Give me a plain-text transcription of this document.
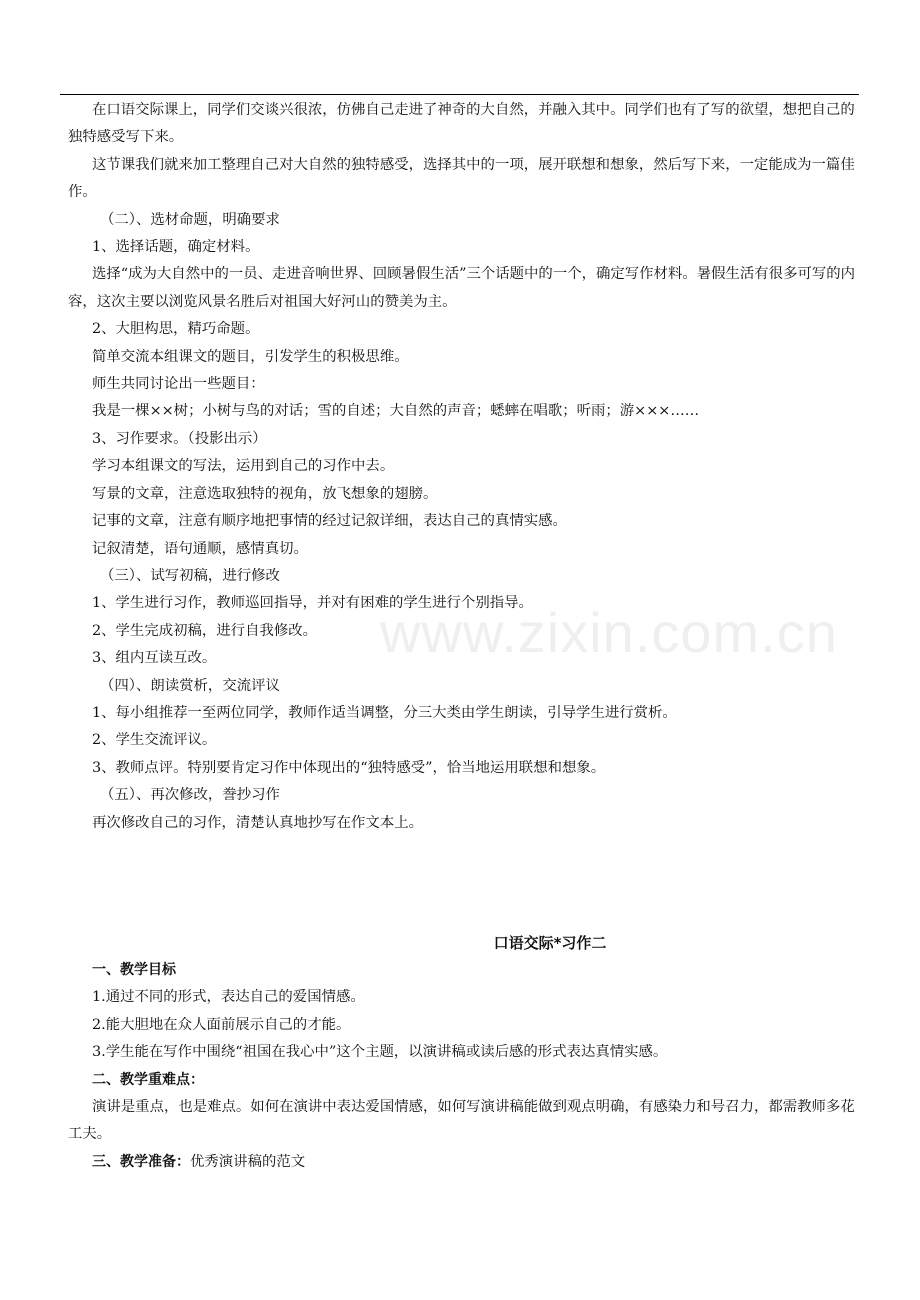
www.zixin.com.cn

在口语交际课上，同学们交谈兴很浓，仿佛自己走进了神奇的大自然，并融入其中。同学们也有了写的欲望，想把自己的独特感受写下来。

这节课我们就来加工整理自己对大自然的独特感受，选择其中的一项，展开联想和想象，然后写下来，一定能成为一篇佳作。

（二）、选材命题，明确要求

1、选择话题，确定材料。

选择“成为大自然中的一员、走进音响世界、回顾暑假生活”三个话题中的一个，确定写作材料。暑假生活有很多可写的内容，这次主要以浏览风景名胜后对祖国大好河山的赞美为主。

2、大胆构思，精巧命题。

简单交流本组课文的题目，引发学生的积极思维。

师生共同讨论出一些题目：

我是一棵××树；小树与鸟的对话；雪的自述；大自然的声音；蟋蟀在唱歌；听雨；游×××……

3、习作要求。（投影出示）

学习本组课文的写法，运用到自己的习作中去。

写景的文章，注意选取独特的视角，放飞想象的翅膀。

记事的文章，注意有顺序地把事情的经过记叙详细，表达自己的真情实感。

记叙清楚，语句通顺，感情真切。

（三）、试写初稿，进行修改

1、学生进行习作，教师巡回指导，并对有困难的学生进行个别指导。

2、学生完成初稿，进行自我修改。

3、组内互读互改。

（四）、朗读赏析，交流评议

1、每小组推荐一至两位同学，教师作适当调整，分三大类由学生朗读，引导学生进行赏析。

2、学生交流评议。

3、教师点评。特别要肯定习作中体现出的“独特感受”，恰当地运用联想和想象。

（五）、再次修改，誊抄习作

再次修改自己的习作，清楚认真地抄写在作文本上。

口语交际*习作二

一、教学目标

1.通过不同的形式，表达自己的爱国情感。

2.能大胆地在众人面前展示自己的才能。

3.学生能在写作中围绕“祖国在我心中”这个主题，以演讲稿或读后感的形式表达真情实感。

二、教学重难点：

演讲是重点，也是难点。如何在演讲中表达爱国情感，如何写演讲稿能做到观点明确，有感染力和号召力，都需教师多花工夫。

三、教学准备：优秀演讲稿的范文
